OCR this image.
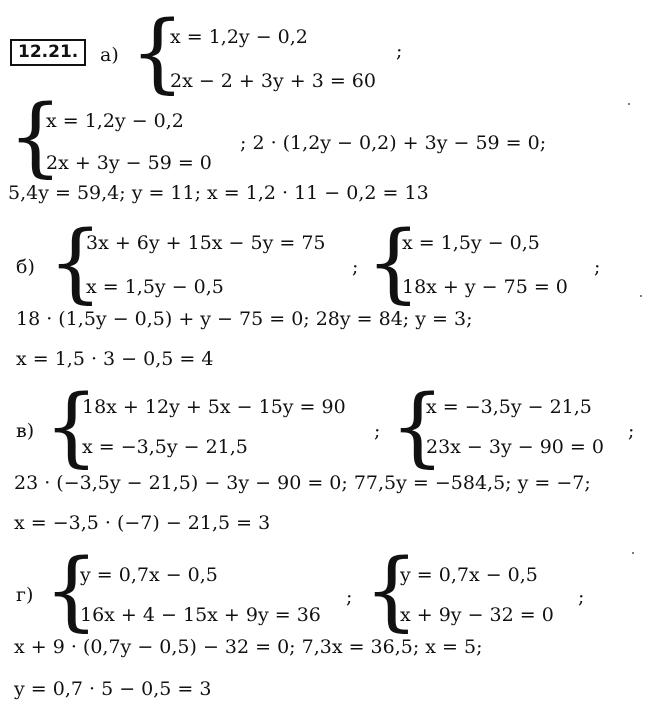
12.21.	а) {
x = 1,2y − 0,2
2x − 2 + 3y + 3 = 60
;
{
x = 1,2y − 0,2
2x + 3y − 59 = 0
; 2 · (1,2y − 0,2) + 3y − 59 = 0;
5,4y = 59,4; y = 11; x = 1,2 · 11 − 0,2 = 13
б) {
3x + 6y + 15x − 5y = 75
x = 1,5y − 0,5
; {
x = 1,5y − 0,5
18x + y − 75 = 0
;
18 · (1,5y − 0,5) + y − 75 = 0; 28y = 84; y = 3;
x = 1,5 · 3 − 0,5 = 4
в) {
18x + 12y + 5x − 15y = 90
x = −3,5y − 21,5
; {
x = −3,5y − 21,5
23x − 3y − 90 = 0
;
23 · (−3,5y − 21,5) − 3y − 90 = 0; 77,5y = −584,5; y = −7;
x = −3,5 · (−7) − 21,5 = 3
г) {
y = 0,7x − 0,5
16x + 4 − 15x + 9y = 36
; {
y = 0,7x − 0,5
x + 9y − 32 = 0
;
x + 9 · (0,7y − 0,5) − 32 = 0; 7,3x = 36,5; x = 5;
y = 0,7 · 5 − 0,5 = 3
